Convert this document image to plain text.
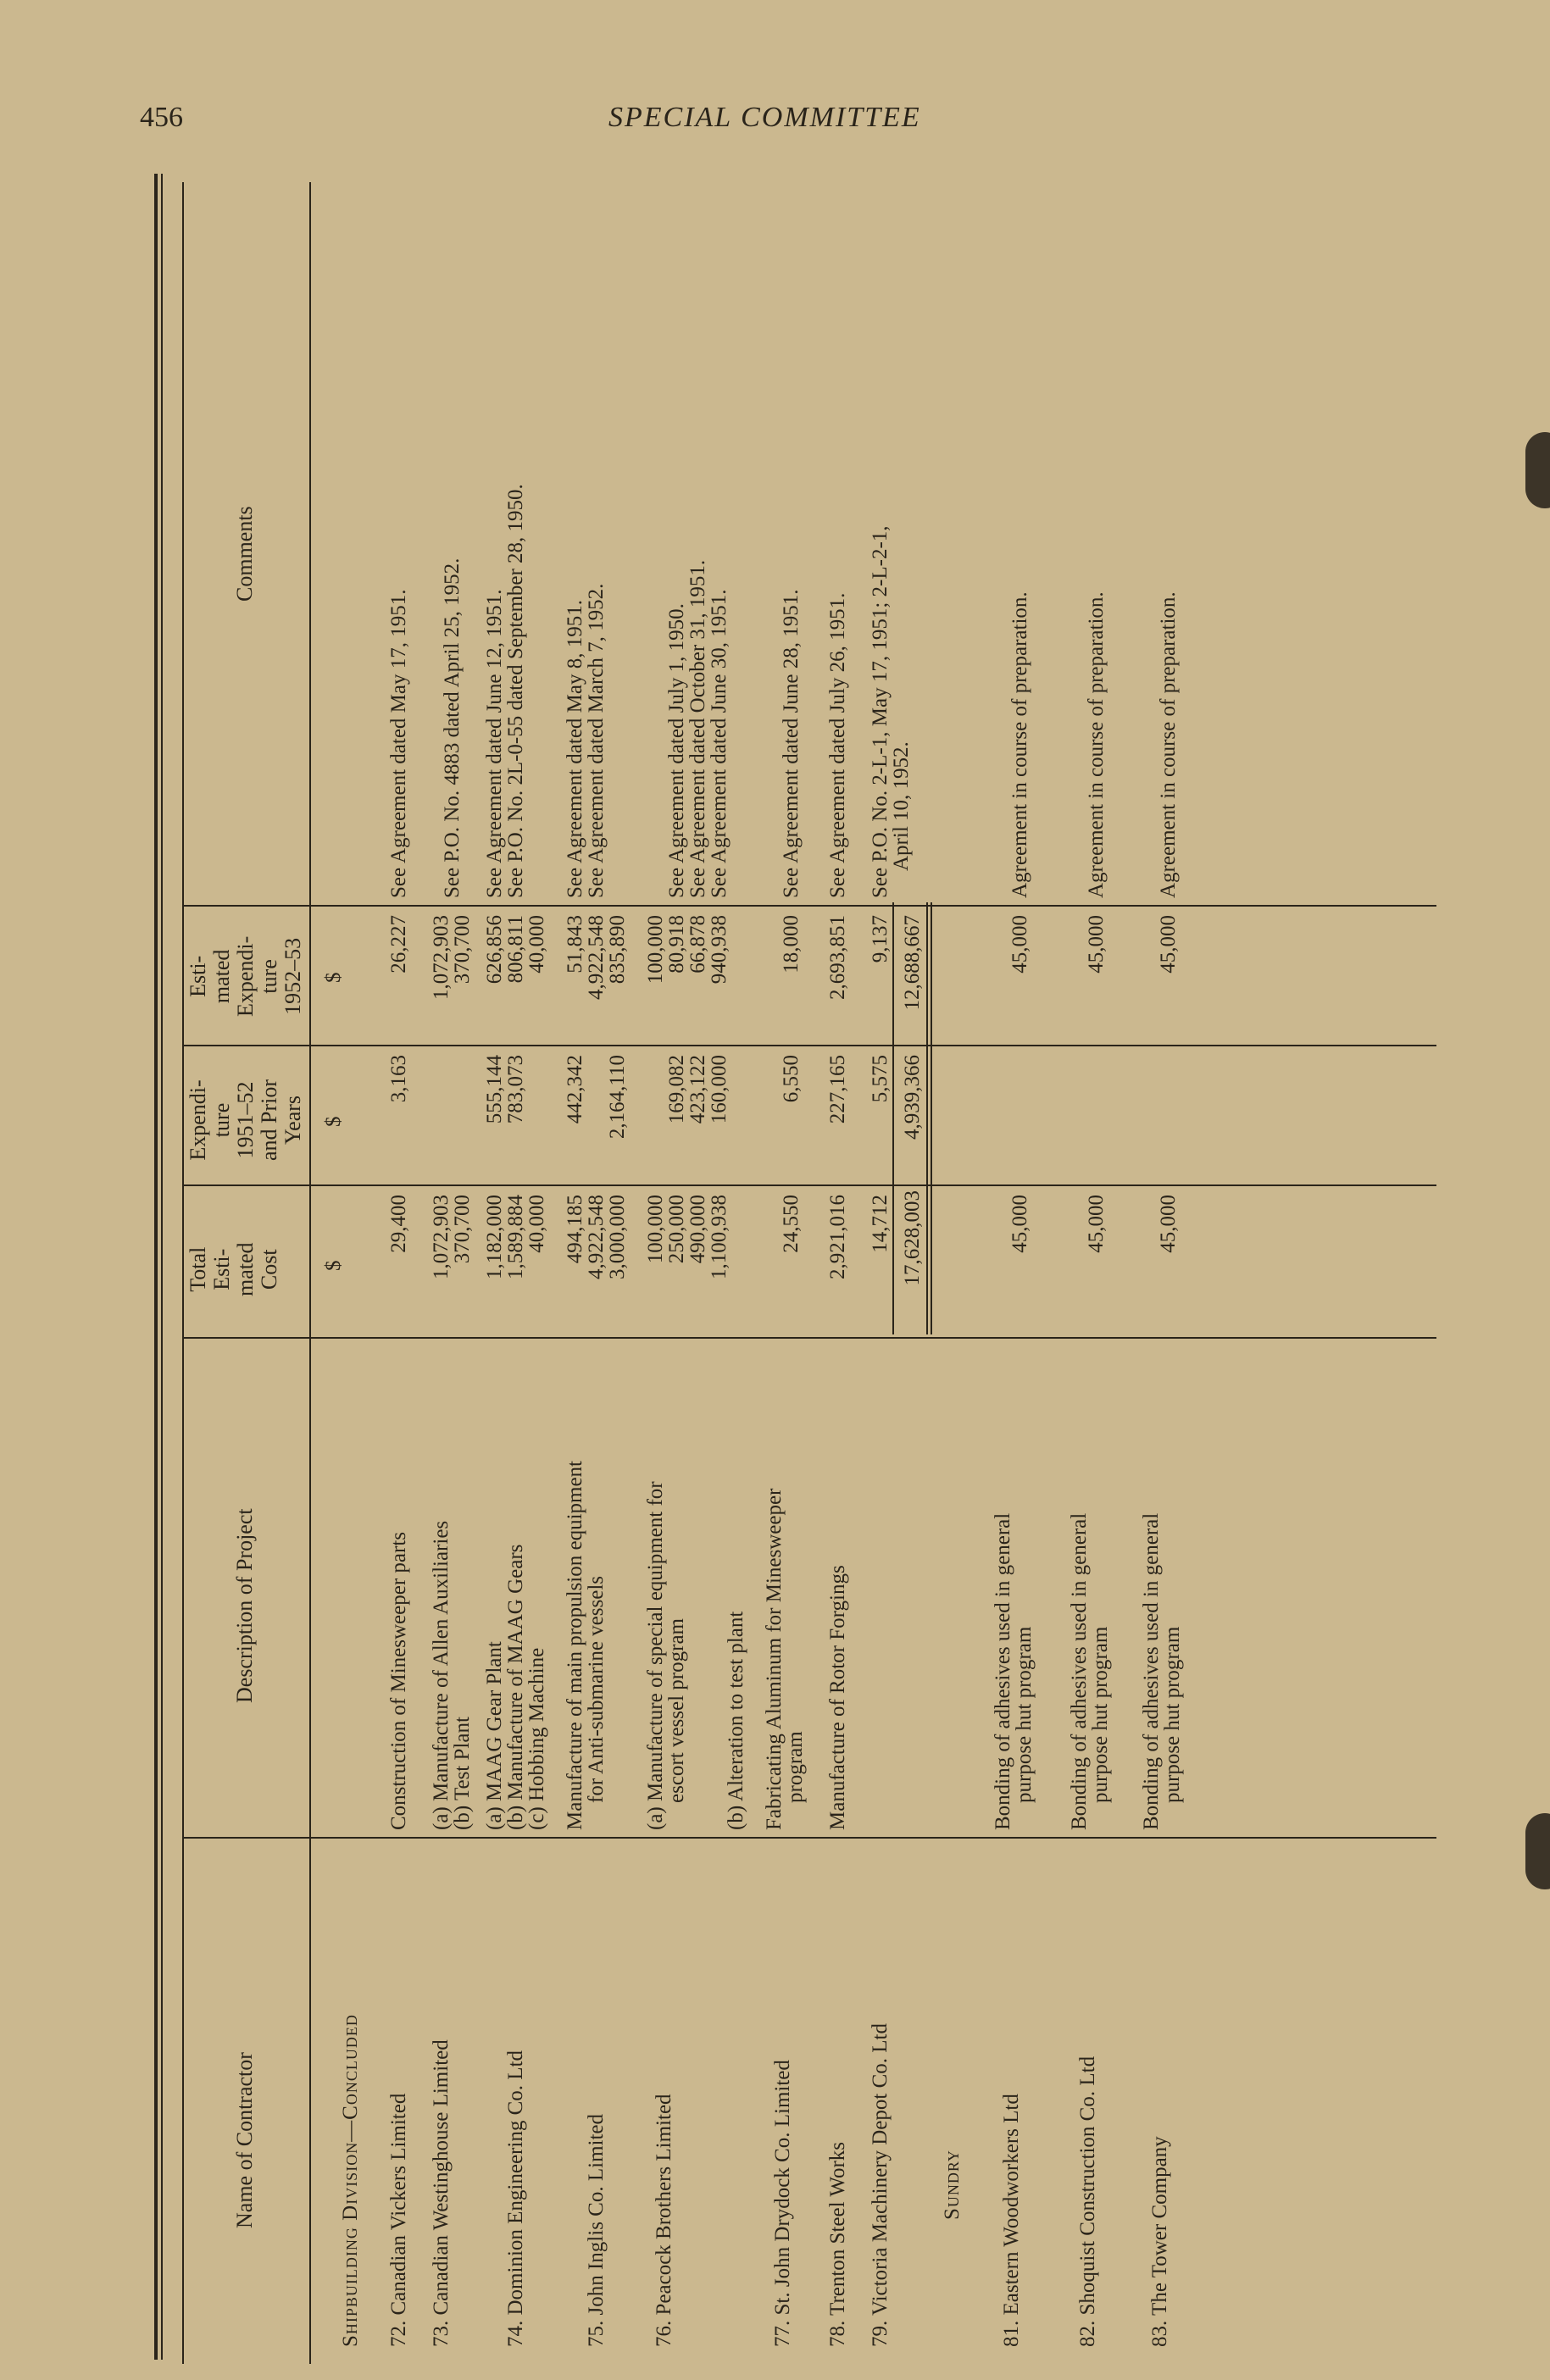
456	SPECIAL COMMITTEE
Name of Contractor
Description of Project
Total Esti- mated Cost
Expendi- ture 1951–52 and Prior Years
Esti- mated Expendi- ture 1952–53
Comments
$
$
$
Shipbuilding Division—Concluded 72. Canadian Vickers Limited
Construction of Minesweeper parts
29,400
3,163
26,227
See Agreement dated May 17, 1951.
73. Canadian Westinghouse Limited
(a) Manufacture of Allen Auxiliaries
(b) Test Plant
1,072,903
370,700
1,072,903
370,700
See P.O. No. 4883 dated April 25, 1952.
74. Dominion Engineering Co. Ltd
(a) MAAG Gear Plant
(b) Manufacture of MAAG Gears
(c) Hobbing Machine
1,182,000
1,589,884
40,000
555,144
783,073
626,856
806,811
40,000
See Agreement dated June 12, 1951.
See P.O. No. 2L-0-55 dated September 28, 1950.
75. John Inglis Co. Limited
Manufacture of main propulsion equipment
for Anti-submarine vessels
494,185
4,922,548
3,000,000
442,342 2,164,110
51,843
4,922,548
835,890
See Agreement dated May 8, 1951.
See Agreement dated March 7, 1952.
76. Peacock Brothers Limited
(a) Manufacture of special equipment for
escort vessel program (b) Alteration to test plant
100,000
250,000
490,000
1,100,938
169,082
423,122
160,000
100,000
80,918
66,878
940,938
See Agreement dated July 1, 1950.
See Agreement dated October 31, 1951.
See Agreement dated June 30, 1951.
77. St. John Drydock Co. Limited
Fabricating Aluminum for Minesweeper
program
24,550
6,550
18,000
See Agreement dated June 28, 1951.
78. Trenton Steel Works
Manufacture of Rotor Forgings
2,921,016
227,165
2,693,851
See Agreement dated July 26, 1951.
79. Victoria Machinery Depot Co. Ltd
14,712
5,575
9,137
See P.O. No. 2-L-1, May 17, 1951; 2-L-2-1,
April 10, 1952.
17,628,003
4,939,366
12,688,667
Sundry 81. Eastern Woodworkers Ltd
Bonding of adhesives used in general
purpose hut program
45,000
45,000
Agreement in course of preparation.
82. Shoquist Construction Co. Ltd
Bonding of adhesives used in general
purpose hut program
45,000
45,000
Agreement in course of preparation.
83. The Tower Company
Bonding of adhesives used in general
purpose hut program
45,000
45,000
Agreement in course of preparation.
